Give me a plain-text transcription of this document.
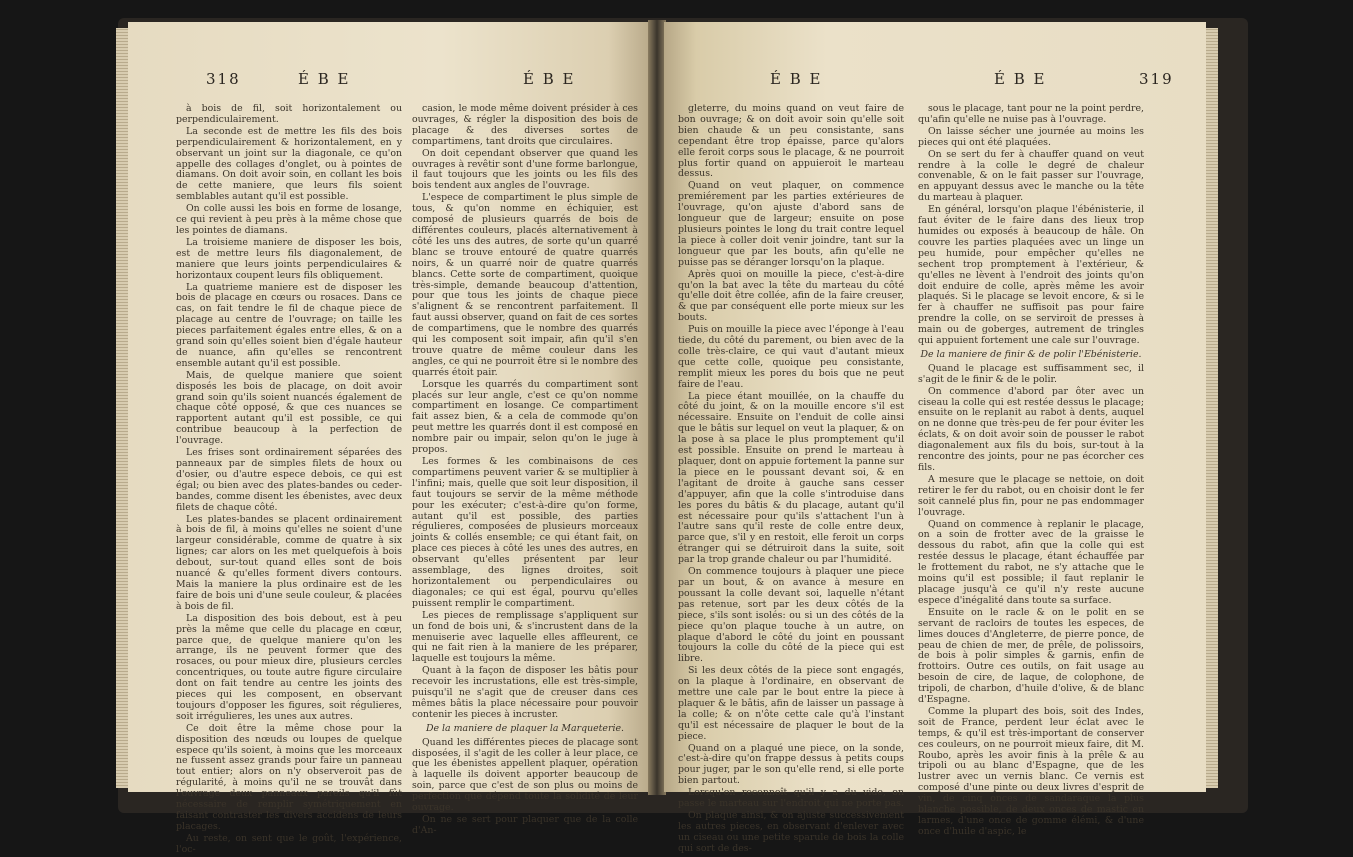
318	É B E	É B E

à bois de fil, soit horizontalement ou perpendiculairement.

La seconde est de mettre les fils des bois perpendiculairement & horizontalement, en y observant un joint sur la diagonale, ce qu'on appelle des collages d'onglet, ou à pointes de diamans. On doit avoir soin, en collant les bois de cette maniere, que leurs fils soient semblables autant qu'il est possible.

On colle aussi les bois en forme de losange, ce qui revient à peu près à la même chose que les pointes de diamans.

La troisieme maniere de disposer les bois, est de mettre leurs fils diagonalement, de maniere que leurs joints perpendiculaires & horizontaux coupent leurs fils obliquement.

La quatrieme maniere est de disposer les bois de placage en cœurs ou rosaces. Dans ce cas, on fait tendre le fil de chaque piece de placage au centre de l'ouvrage; on taille les pieces parfaitement égales entre elles, & on a grand soin qu'elles soient bien d'égale hauteur de nuance, afin qu'elles se rencontrent ensemble autant qu'il est possible.

Mais, de quelque maniere que soient disposés les bois de placage, on doit avoir grand soin qu'ils soient nuancés également de chaque côté opposé, & que ces nuances se rapportent autant qu'il est possible, ce qui contribue beaucoup à la perfection de l'ouvrage.

Les frises sont ordinairement séparées des panneaux par de simples filets de houx ou d'osier, ou d'autre espece debois, ce qui est égal; ou bien avec des plates-bandes ou ceder-bandes, comme disent les ébenistes, avec deux filets de chaque côté.

Les plates-bandes se placent ordinairement à bois de fil, à moins qu'elles ne soient d'une largeur considérable, comme de quatre à six lignes; car alors on les met quelquefois à bois debout, sur-tout quand elles sont de bois nuancé & qu'elles forment divers contours. Mais la maniere la plus ordinaire est de les faire de bois uni d'une seule couleur, & placées à bois de fil.

La disposition des bois debout, est à peu près la même que celle du placage en cœur, parce que, de quelque maniere qu'on les arrange, ils ne peuvent former que des rosaces, ou pour mieux dire, plusieurs cercles concentriques, ou toute autre figure circulaire dont on fait tendre au centre les joints des pieces qui les composent, en observant toujours d'opposer les figures, soit régulieres, soit irrégulieres, les unes aux autres.

Ce doit être la même chose pour la disposition des nœuds ou loupes de quelque espece qu'ils soient, à moins que les morceaux ne fussent assez grands pour faire un panneau tout entier; alors on n'y observeroit pas de régularité, à moins qu'il ne se trouvât dans l'ouvrage deux panneaux pareils qu'il fût nécessaire de remplir symétriquement en faisant contraster les divers accidens de leurs placages.

Au reste, on sent que le goût, l'expérience, l'oc-

casion, le mode même doivent présider à ces ouvrages, & régler la disposition des bois de placage & des diverses sortes de compartimens, tant droits que circulaires.

On doit cependant observer que quand les ouvrages à revêtir sont d'une forme barlongue, il faut toujours que les joints ou les fils des bois tendent aux angles de l'ouvrage.

L'espece de compartiment le plus simple de tous, & qu'on nomme en échiquier, est composé de plusieurs quarrés de bois de différentes couleurs, placés alternativement à côté les uns des autres, de sorte qu'un quarré blanc se trouve entouré de quatre quarrés noirs, & un quarré noir de quatre quarrés blancs. Cette sorte de compartiment, quoique très-simple, demande beaucoup d'attention, pour que tous les joints de chaque piece s'alignent & se rencontrent parfaitement. Il faut aussi observer, quand on fait de ces sortes de compartimens, que le nombre des quarrés qui les composent soit impair, afin qu'il s'en trouve quatre de même couleur dans les angles, ce qui ne pourroit être si le nombre des quarrés étoit pair.

Lorsque les quarrés du compartiment sont placés sur leur angle, c'est ce qu'on nomme compartiment en losange. Ce compartiment fait assez bien, & a cela de commode qu'on peut mettre les quarrés dont il est composé en nombre pair ou impair, selon qu'on le juge à propos.

Les formes & les combinaisons de ces compartimens peuvent varier & se multiplier à l'infini; mais, quelle que soit leur disposition, il faut toujours se servir de la même méthode pour les exécuter; c'est-à-dire qu'on forme, autant qu'il est possible, des parties régulieres, composées de plusieurs morceaux joints & collés ensemble; ce qui étant fait, on place ces pieces à côté les unes des autres, en observant qu'elles présentent par leur assemblage, des lignes droites, soit horizontalement ou perpendiculaires ou diagonales; ce qui est égal, pourvu qu'elles puissent remplir le compartiment.

Les pieces de remplissage s'appliquent sur un fond de bois uni, & s'incrustent dans de la menuiserie avec laquelle elles affleurent, ce qui ne fait rien à la maniere de les préparer, laquelle est toujours la même.

Quant à la façon de disposer les bâtis pour recevoir les incrustations, elle est très-simple, puisqu'il ne s'agit que de creuser dans ces mêmes bâtis la place nécessaire pour pouvoir contenir les pieces à incruster.

De la maniere de plaquer la Marqueterie.

Quand les différentes pieces de placage sont disposées, il s'agit de les coller à leur place, ce que les ébenistes appellent plaquer, opération à laquelle ils doivent apporter beaucoup de soin, parce que c'est de son plus ou moins de perfection que dépend toute la solidité de leur ouvrage.

On ne se sert pour plaquer que de la colle d'An-

É B E	É B E	319

gleterre, du moins quand on veut faire de bon ouvrage; & on doit avoir soin qu'elle soit bien chaude & un peu consistante, sans cependant être trop épaisse, parce qu'alors elle feroit corps sous le placage, & ne pourroit plus fortir quand on appuieroit le marteau dessus.

Quand on veut plaquer, on commence premiérement par les parties extérieures de l'ouvrage, qu'on ajuste d'abord sans de longueur que de largeur; ensuite on pose plusieurs pointes le long du trait contre lequel la piece à coller doit venir joindre, tant sur la longueur que par les bouts, afin qu'elle ne puisse pas se déranger lorsqu'on la plaque.

Après quoi on mouille la piece, c'est-à-dire qu'on la bat avec la tête du marteau du côté qu'elle doit être collée, afin de la faire creuser, & que par conséquent elle porte mieux sur les bouts.

Puis on mouille la piece avec l'éponge à l'eau tiede, du côté du parement, ou bien avec de la colle très-claire, ce qui vaut d'autant mieux que cette colle, quoique peu consistante, remplit mieux les pores du bois que ne peut faire de l'eau.

La piece étant mouillée, on la chauffe du côté du joint, & on la mouille encore s'il est nécessaire. Ensuite on l'enduit de colle ainsi que le bâtis sur lequel on veut la plaquer, & on la pose à sa place le plus promptement qu'il est possible. Ensuite on prend le marteau à plaquer, dont on appuie fortement la panne sur la piece en le poussant devant soi, & en l'agitant de droite à gauche sans cesser d'appuyer, afin que la colle s'introduise dans les pores du bâtis & du placage, autant qu'il est nécessaire pour qu'ils s'attachent l'un à l'autre sans qu'il reste de colle entre deux, parce que, s'il y en restoit, elle feroit un corps étranger qui se détruiroit dans la suite, soit par la trop grande chaleur ou par l'humidité.

On commence toujours à plaquer une piece par un bout, & on avance à mesure en poussant la colle devant soi, laquelle n'étant pas retenue, sort par les deux côtés de la piece, s'ils sont isolés: ou si un des côtés de la piece qu'on plaque touche à un autre, on plaque d'abord le côté du joint en poussant toujours la colle du côté de la piece qui est libre.

Si les deux côtés de la piece sont engagés, on la plaque à l'ordinaire, en observant de mettre une cale par le bout entre la piece à plaquer & le bâtis, afin de laisser un passage à la colle; & on n'ôte cette cale qu'à l'instant qu'il est nécessaire de plaquer le bout de la piece.

Quand on a plaqué une piece, on la sonde, c'est-à-dire qu'on frappe dessus à petits coups pour juger, par le son qu'elle rend, si elle porte bien partout.

Lorsqu'on reconnoît qu'il y a du vide, on passe le marteau sur l'endroit qui ne porte pas.

On plaque ainsi, & on ajuste successivement les autres pieces, en observant d'enlever avec un ciseau ou une petite sparule de bois la colle qui sort de des-

sous le placage, tant pour ne la point perdre, qu'afin qu'elle ne nuise pas à l'ouvrage.

On laisse sécher une journée au moins les pieces qui ont été plaquées.

On se sert du fer à chauffer quand on veut rendre à la colle le degré de chaleur convenable, & on le fait passer sur l'ouvrage, en appuyant dessus avec le manche ou la tête du marteau à plaquer.

En général, lorsqu'on plaque l'ébénisterie, il faut éviter de le faire dans des lieux trop humides ou exposés à beaucoup de hâle. On couvre les parties plaquées avec un linge un peu humide, pour empêcher qu'elles ne sechent trop promptement à l'extérieur, & qu'elles ne lèvent à l'endroit des joints qu'on doit enduire de colle, après même les avoir plaqués. Si le placage se levoit encore, & si le fer à chauffer ne suffisoit pas pour faire prendre la colle, on se serviroit de presses à main ou de goberges, autrement de tringles qui appuient fortement une cale sur l'ouvrage.

De la maniere de finir & de polir l'Ebénisterie.

Quand le placage est suffisamment sec, il s'agit de le finir & de le polir.

On commence d'abord par ôter avec un ciseau la colle qui est restée dessus le placage; ensuite on le replanit au rabot à dents, auquel on ne donne que très-peu de fer pour éviter les éclats, & on doit avoir soin de pousser le rabot diagonalement aux fils du bois, sur-tout à la rencontre des joints, pour ne pas écorcher ces fils.

A mesure que le placage se nettoie, on doit retirer le fer du rabot, ou en choisir dont le fer soit cannelé plus fin, pour ne pas endommager l'ouvrage.

Quand on commence à replanir le placage, on a soin de frotter avec de la graisse le dessous du rabot, afin que la colle qui est restée dessus le placage, étant échauffée par le frottement du rabot, ne s'y attache que le moins qu'il est possible; il faut replanir le placage jusqu'à ce qu'il n'y reste aucune espece d'inégalité dans toute sa surface.

Ensuite on le racle & on le polit en se servant de racloirs de toutes les especes, de limes douces d'Angleterre, de pierre ponce, de peau de chien de mer, de prêle, de polissoirs, de bois à polir simples & garnis, enfin de frottoirs. Outre ces outils, on fait usage au besoin de cire, de laque, de colophone, de tripoli, de charbon, d'huile d'olive, & de blanc d'Espagne.

Comme la plupart des bois, soit des Indes, soit de France, perdent leur éclat avec le temps, & qu'il est très-important de conserver ces couleurs, on ne pourroit mieux faire, dit M. Roubo, après les avoir finis à la prêle & au tripoli ou au blanc d'Espagne, que de les lustrer avec un vernis blanc. Ce vernis est composé d'une pinte ou deux livres d'esprit de vin, de cinq onces de sandaraque la plus blanche possible, de deux onces de mastic en larmes, d'une once de gomme élémi, & d'une once d'huile d'aspic, le
